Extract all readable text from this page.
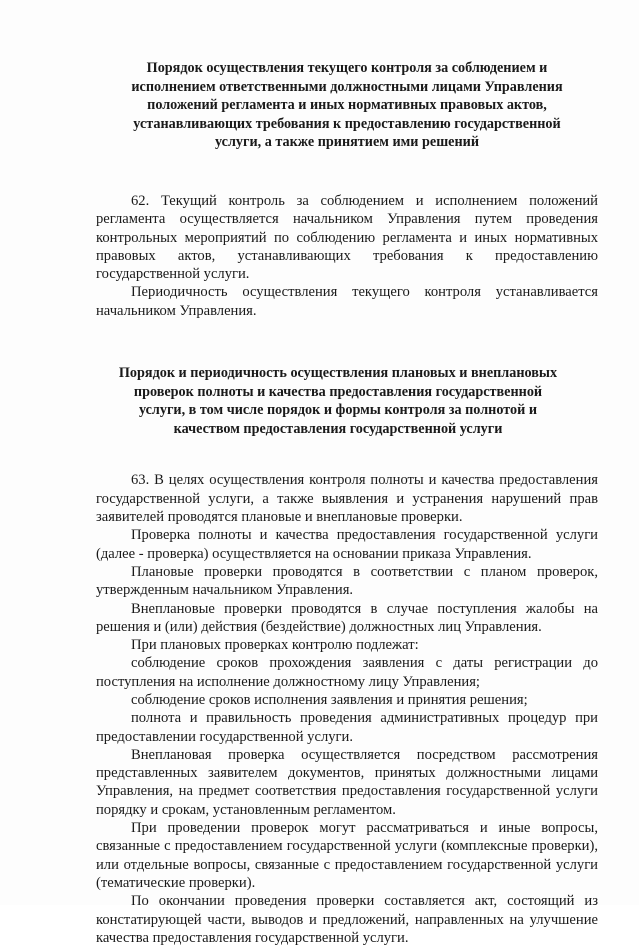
Порядок осуществления текущего контроля за соблюдением и исполнением ответственными должностными лицами Управления положений регламента и иных нормативных правовых актов, устанавливающих требования к предоставлению государственной услуги, а также принятием ими решений

62. Текущий контроль за соблюдением и исполнением положений регламента осуществляется начальником Управления путем проведения контрольных мероприятий по соблюдению регламента и иных нормативных правовых актов, устанавливающих требования к предоставлению государственной услуги.

Периодичность осуществления текущего контроля устанавливается начальником Управления.

Порядок и периодичность осуществления плановых и внеплановых проверок полноты и качества предоставления государственной услуги, в том числе порядок и формы контроля за полнотой и качеством предоставления государственной услуги

63. В целях осуществления контроля полноты и качества предоставления государственной услуги, а также выявления и устранения нарушений прав заявителей проводятся плановые и внеплановые проверки.

Проверка полноты и качества предоставления государственной услуги (далее - проверка) осуществляется на основании приказа Управления.

Плановые проверки проводятся в соответствии с планом проверок, утвержденным начальником Управления.

Внеплановые проверки проводятся в случае поступления жалобы на решения и (или) действия (бездействие) должностных лиц Управления.

При плановых проверках контролю подлежат:

соблюдение сроков прохождения заявления с даты регистрации до поступления на исполнение должностному лицу Управления;

соблюдение сроков исполнения заявления и принятия решения;

полнота и правильность проведения административных процедур при предоставлении государственной услуги.

Внеплановая проверка осуществляется посредством рассмотрения представленных заявителем документов, принятых должностными лицами Управления, на предмет соответствия предоставления государственной услуги порядку и срокам, установленным регламентом.

При проведении проверок могут рассматриваться и иные вопросы, связанные с предоставлением государственной услуги (комплексные проверки), или отдельные вопросы, связанные с предоставлением государственной услуги (тематические проверки).

По окончании проведения проверки составляется акт, состоящий из констатирующей части, выводов и предложений, направленных на улучшение качества предоставления государственной услуги.
